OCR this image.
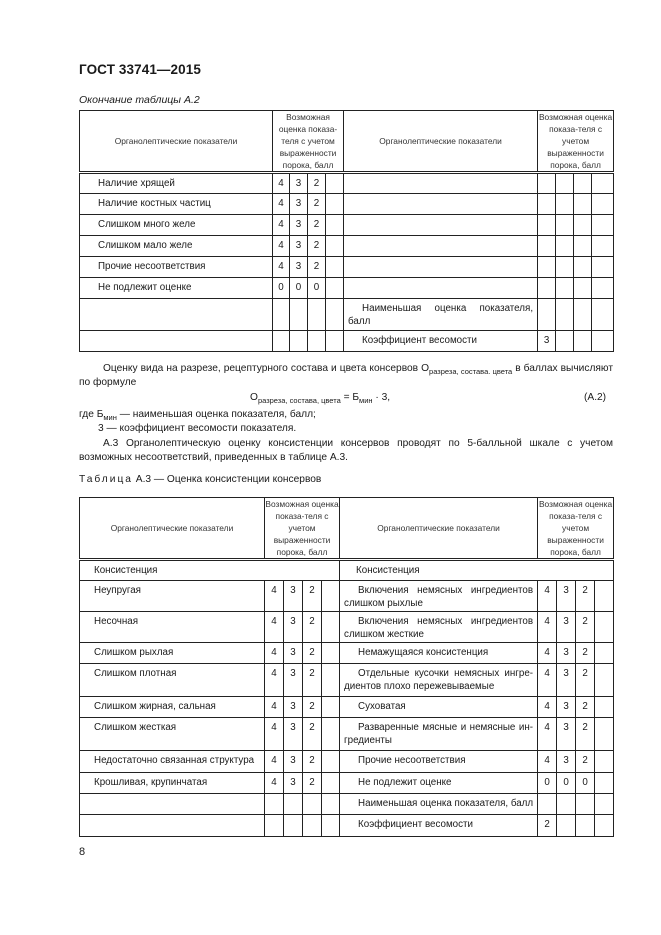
ГОСТ 33741—2015
Окончание таблицы А.2
Органолептические показатели	Возможная оценка показа-теля с учетом выраженности порока, балл				Органолептические показатели	Возможная оценка показа-теля с учетом выраженности порока, балл			
Наличие хрящей	4	3	2						
Наличие костных частиц	4	3	2						
Слишком много желе	4	3	2						
Слишком мало желе	4	3	2						
Прочие несоответствия	4	3	2						
Не подлежит оценке	0	0	0						
					Наименьшая оценка показателя, балл				
					Коэффициент весомости	3			
Оценку вида на разрезе, рецептурного состава и цвета консервов $О_{разреза, состава. цвета}$ в баллах вычисляют по формуле
$О_{разреза, состава, цвета} = Б_{мин} \cdot 3$,	(А.2)
где $Б_{мин}$ — наименьшая оценка показателя, балл;
3 — коэффициент весомости показателя.
А.3 Органолептическую оценку консистенции консервов проводят по 5-балльной шкале с учетом возможных несоответствий, приведенных в таблице А.3.
Таблица А.3 — Оценка консистенции консервов
Органолептические показатели	Возможная оценка показа-теля с учетом выраженности порока, балл				Органолептические показатели	Возможная оценка показа-теля с учетом выраженности порока, балл			
Консистенция					Консистенция				
Неупругая	4	3	2		Включения немясных ингредиентов слишком рыхлые	4	3	2	
Несочная	4	3	2		Включения немясных ингредиентов слишком жесткие	4	3	2	
Слишком рыхлая	4	3	2		Немажущаяся консистенция	4	3	2	
Слишком плотная	4	3	2		Отдельные кусочки немясных ингре-диентов плохо пережевываемые	4	3	2	
Слишком жирная, сальная	4	3	2		Суховатая	4	3	2	
Слишком жесткая	4	3	2		Разваренные мясные и немясные ин-гредиенты	4	3	2	
Недостаточно связанная структура	4	3	2		Прочие несоответствия	4	3	2	
Крошливая, крупинчатая	4	3	2		Не подлежит оценке	0	0	0	
					Наименьшая оценка показателя, балл				
					Коэффициент весомости	2			
8
